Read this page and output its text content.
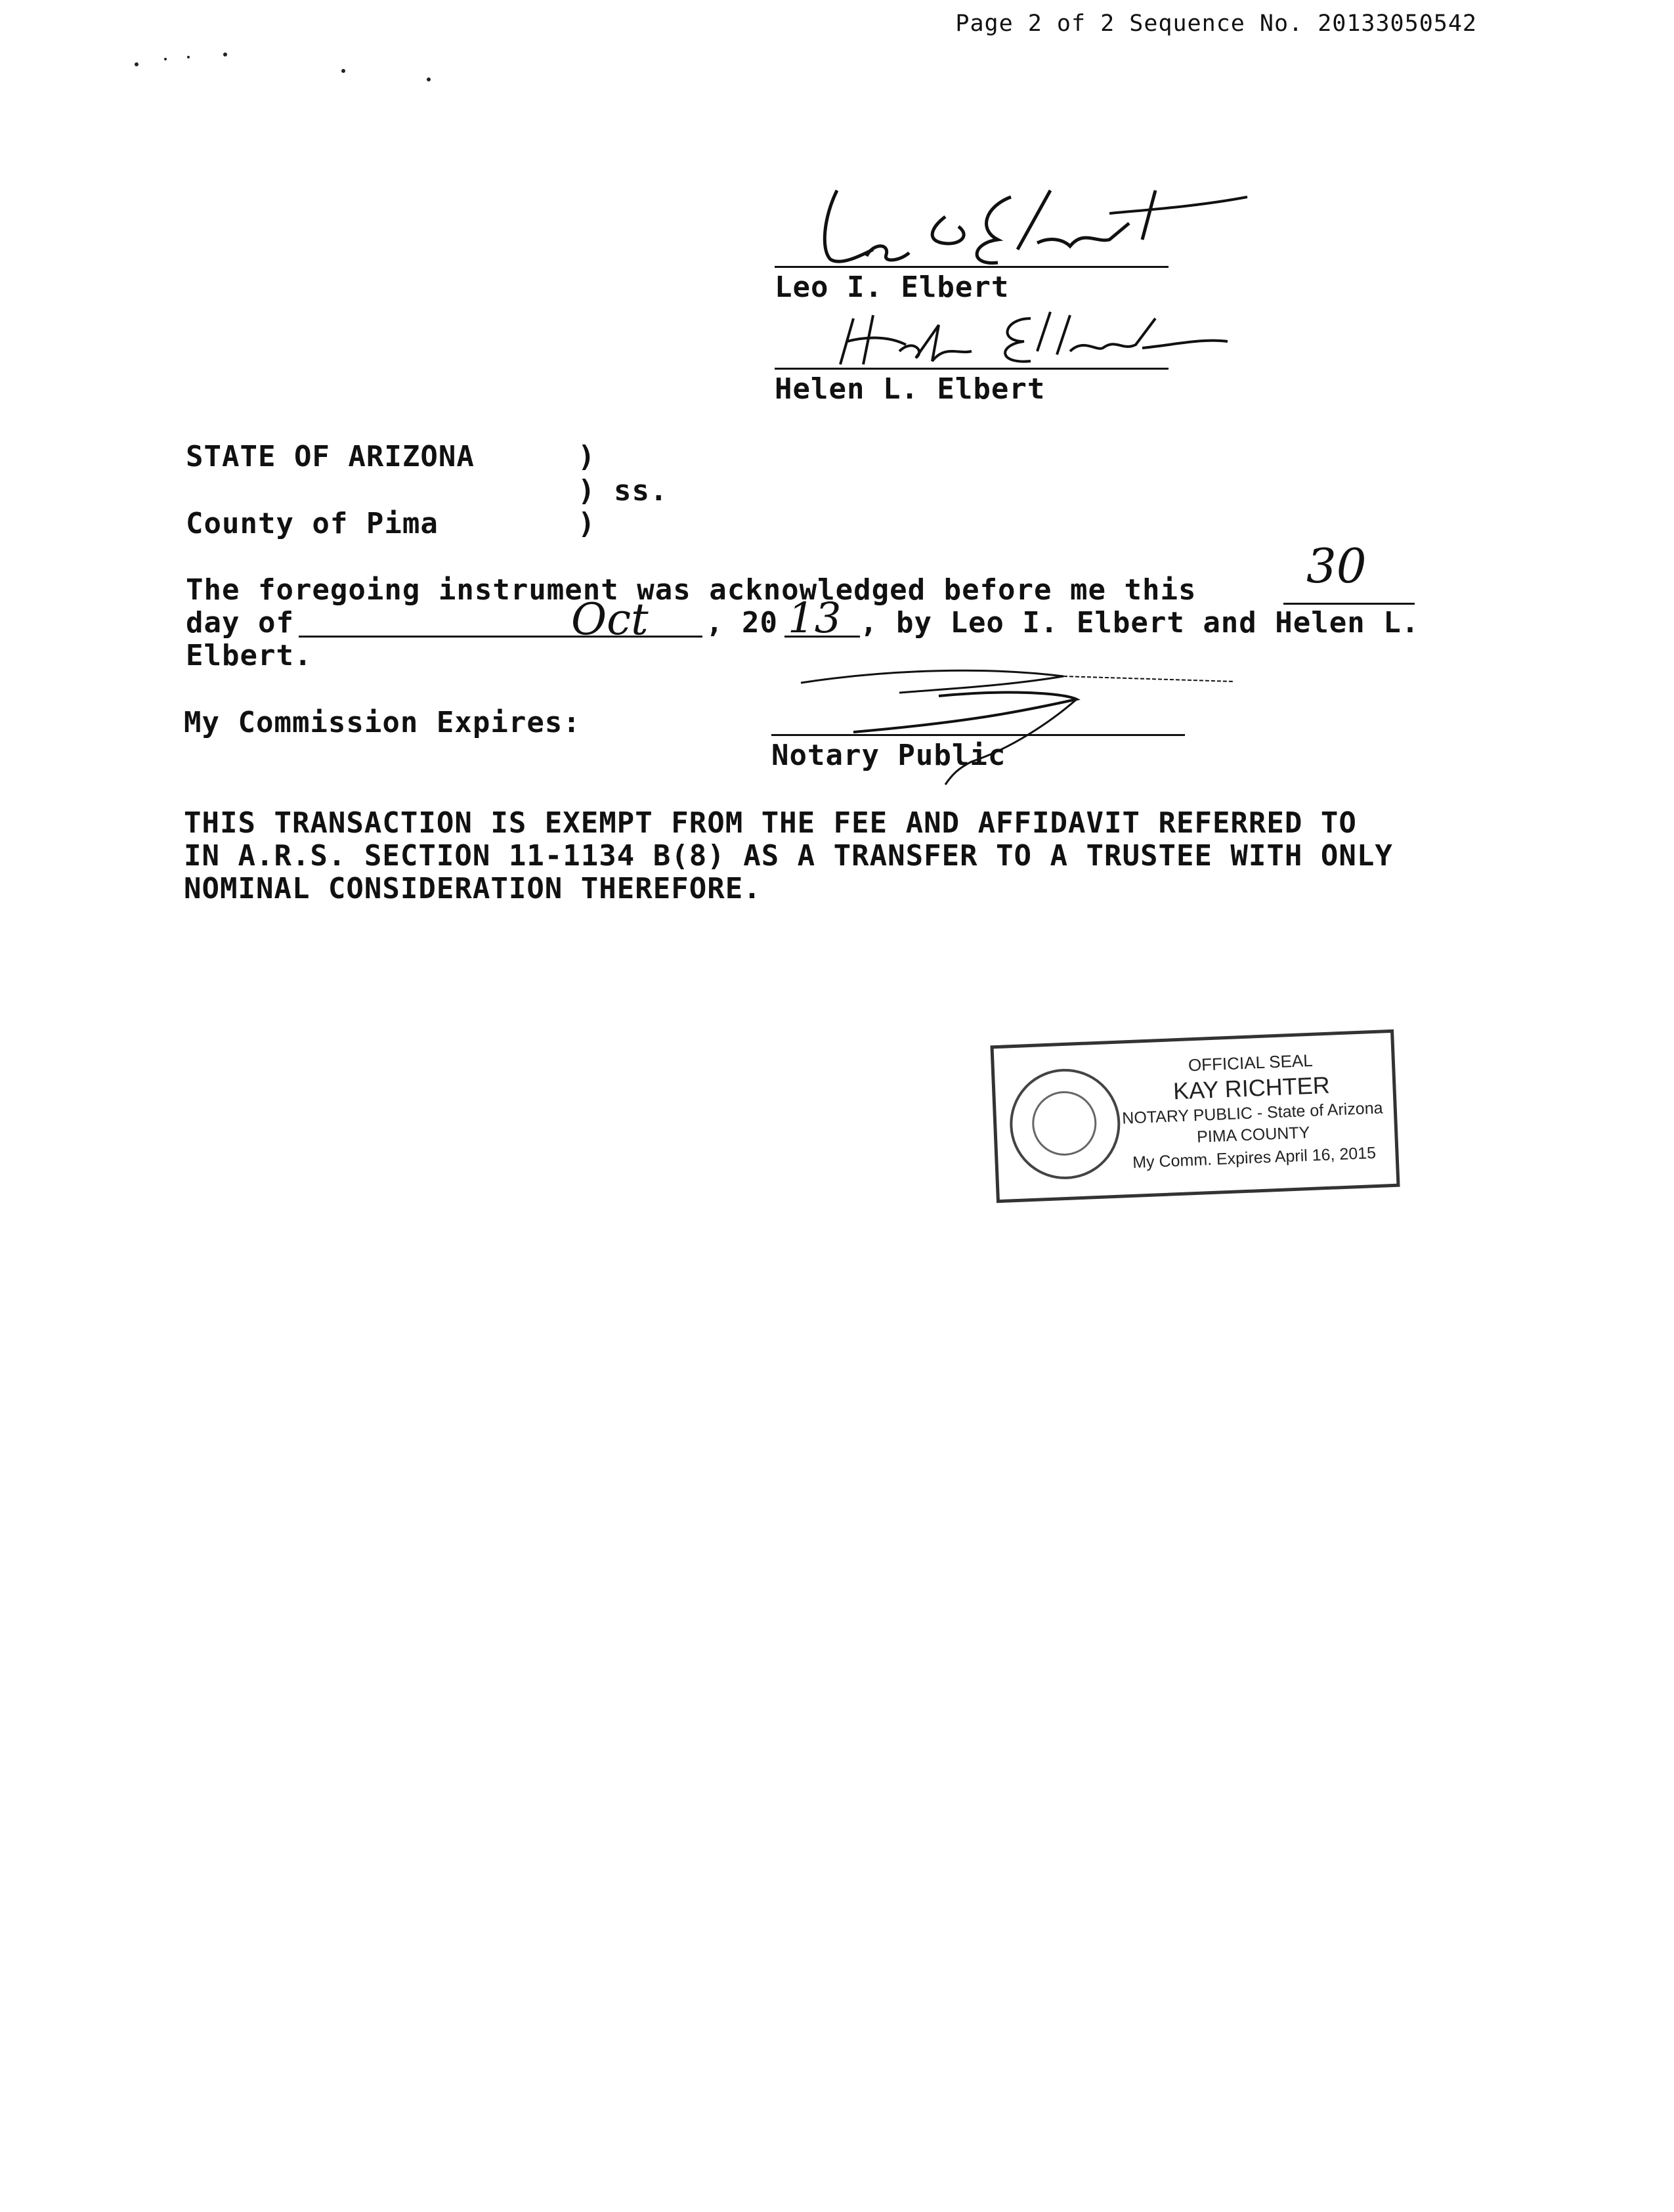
Page 2 of 2 Sequence No. 20133050542
Leo I. Elbert
Helen L. Elbert
STATE OF ARIZONA	)
) ss.
County of Pima	)
The foregoing instrument was acknowledged before me this 30
day of	Oct , 20 13 , by Leo I. Elbert and Helen L.
Elbert.
My Commission Expires:
Notary Public
THIS TRANSACTION IS EXEMPT FROM THE FEE AND AFFIDAVIT REFERRED TO
IN A.R.S. SECTION 11-1134 B(8) AS A TRANSFER TO A TRUSTEE WITH ONLY
NOMINAL CONSIDERATION THEREFORE.
OFFICIAL SEAL
KAY RICHTER
NOTARY PUBLIC - State of Arizona
PIMA COUNTY
My Comm. Expires April 16, 2015
